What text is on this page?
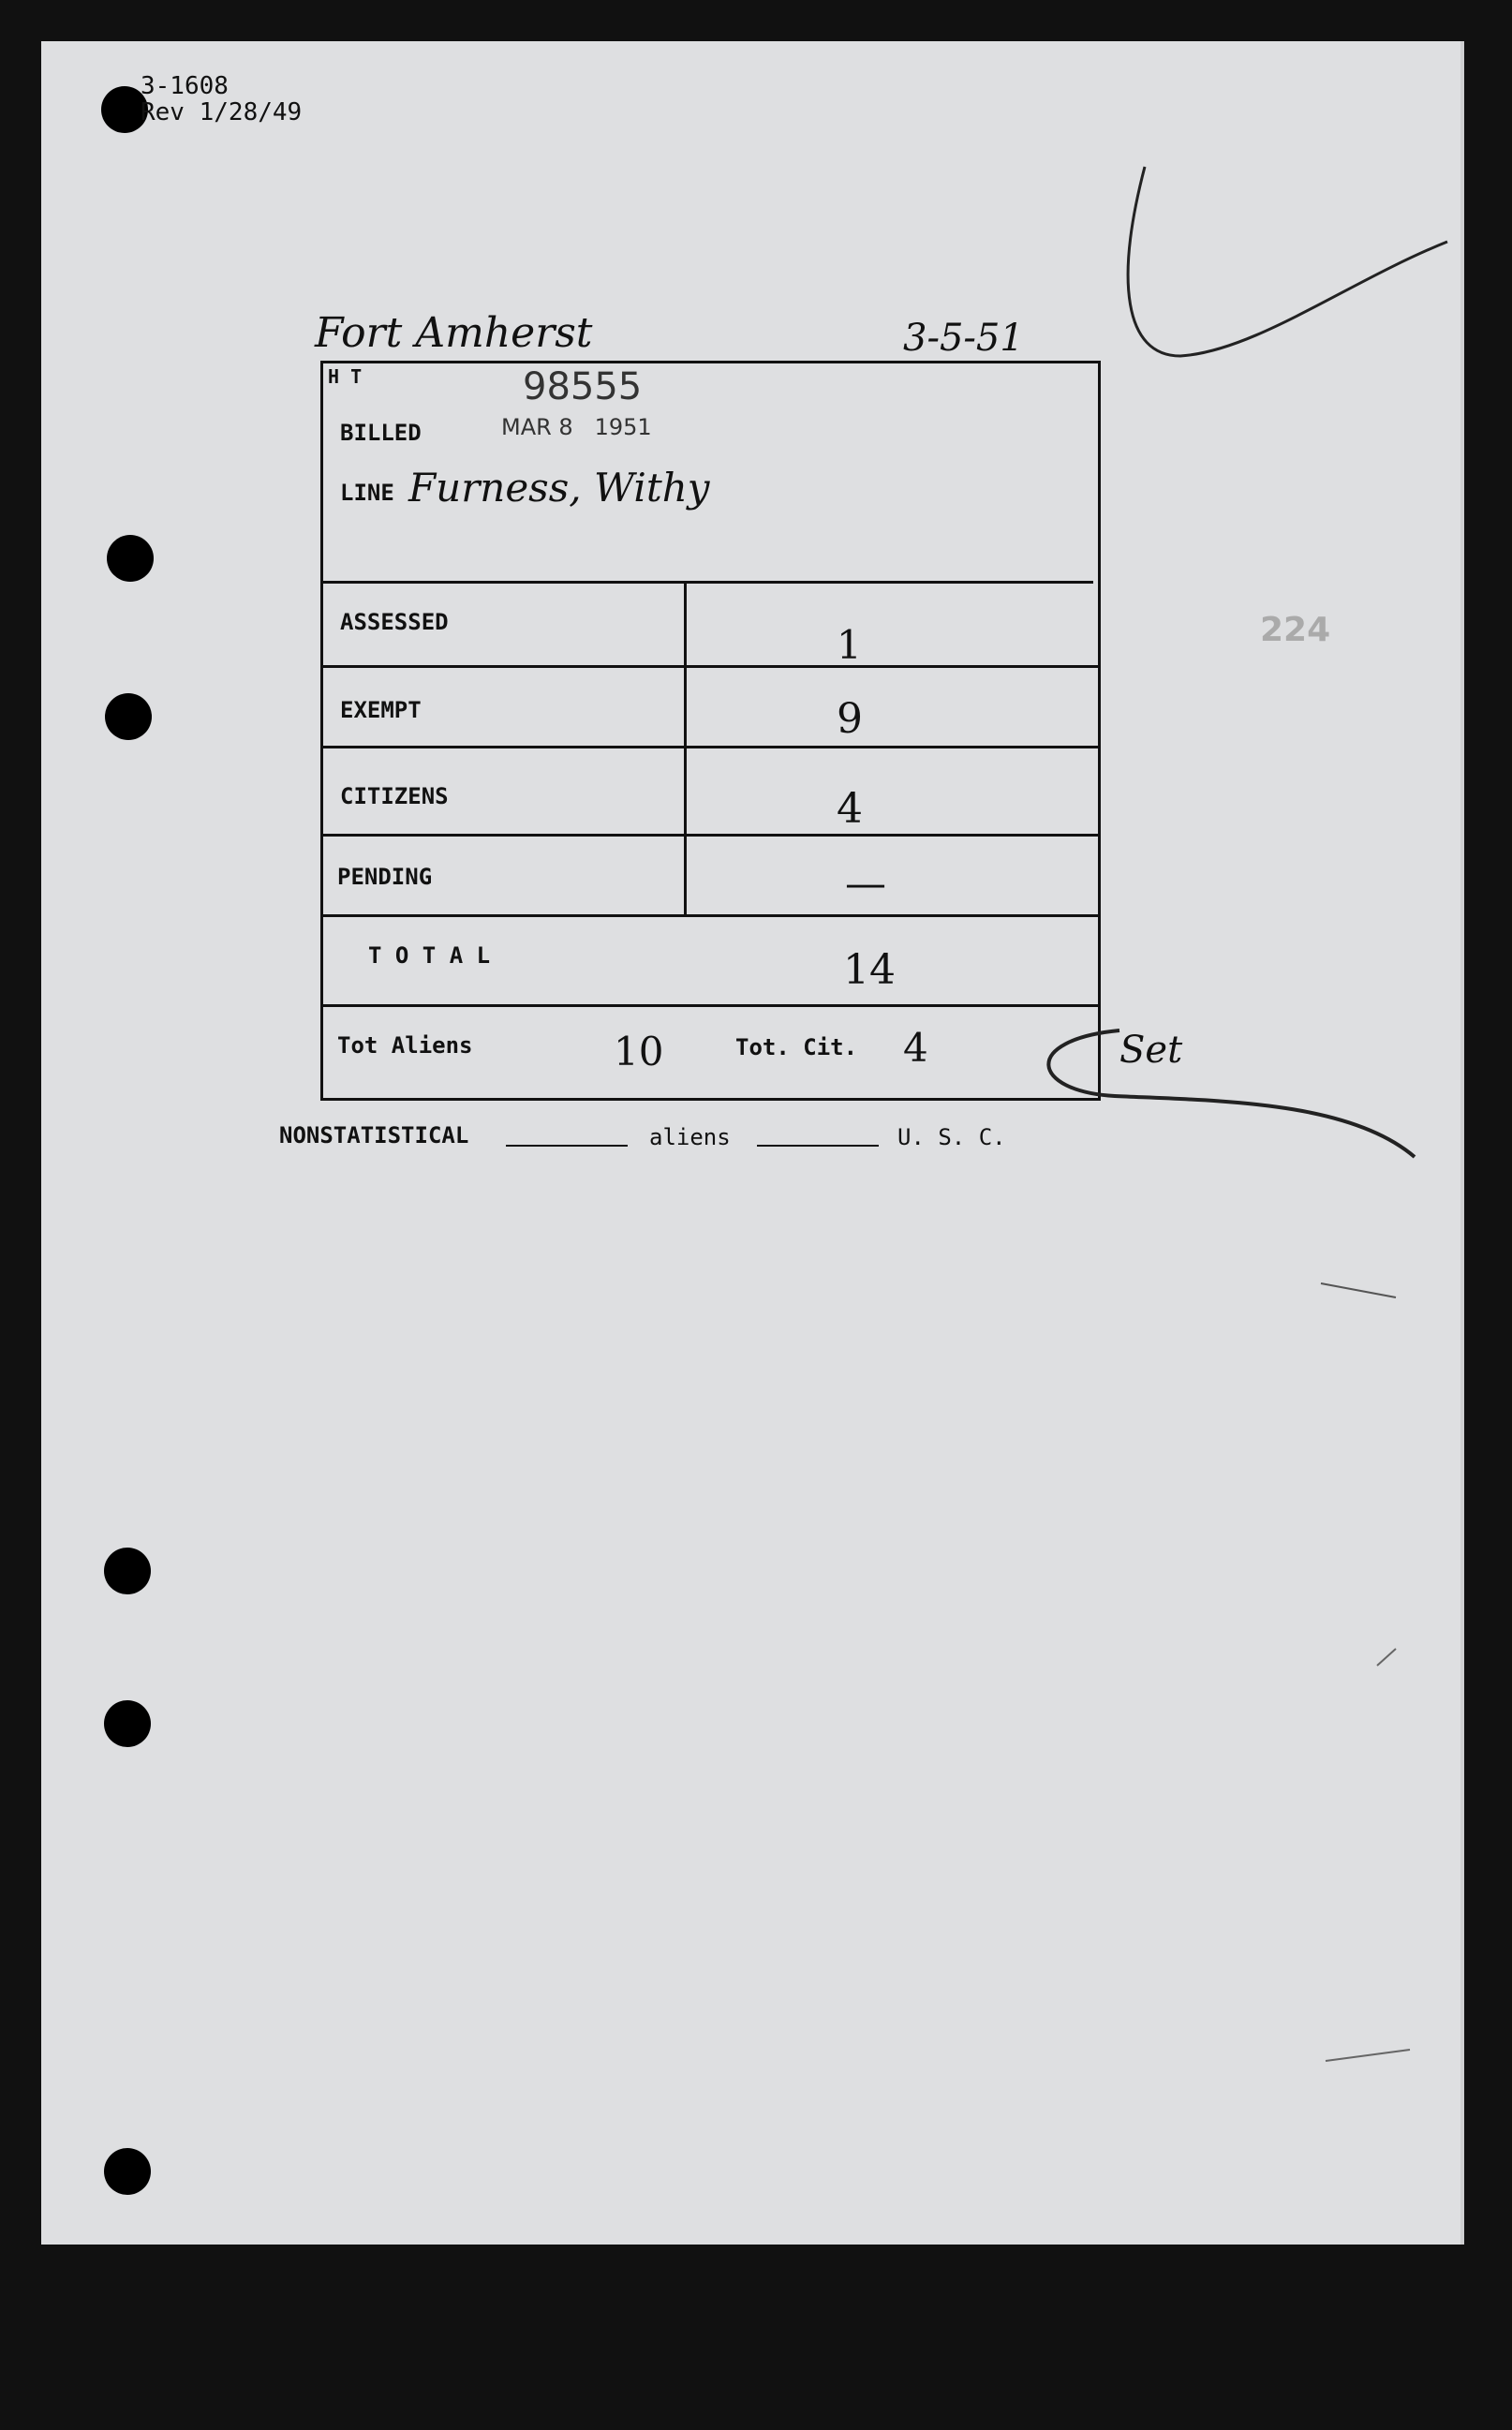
3-1608
Rev 1/28/49
Fort Amherst	3-5-51
224
H T	98555
BILLED	MAR 8   1951
LINE Furness, Withy
ASSESSED	1
EXEMPT	9
CITIZENS	4
PENDING	—
T O T A L	14
Tot Aliens	10	Tot. Cit. 4
NONSTATISTICAL	aliens	U. S. C.
Set
